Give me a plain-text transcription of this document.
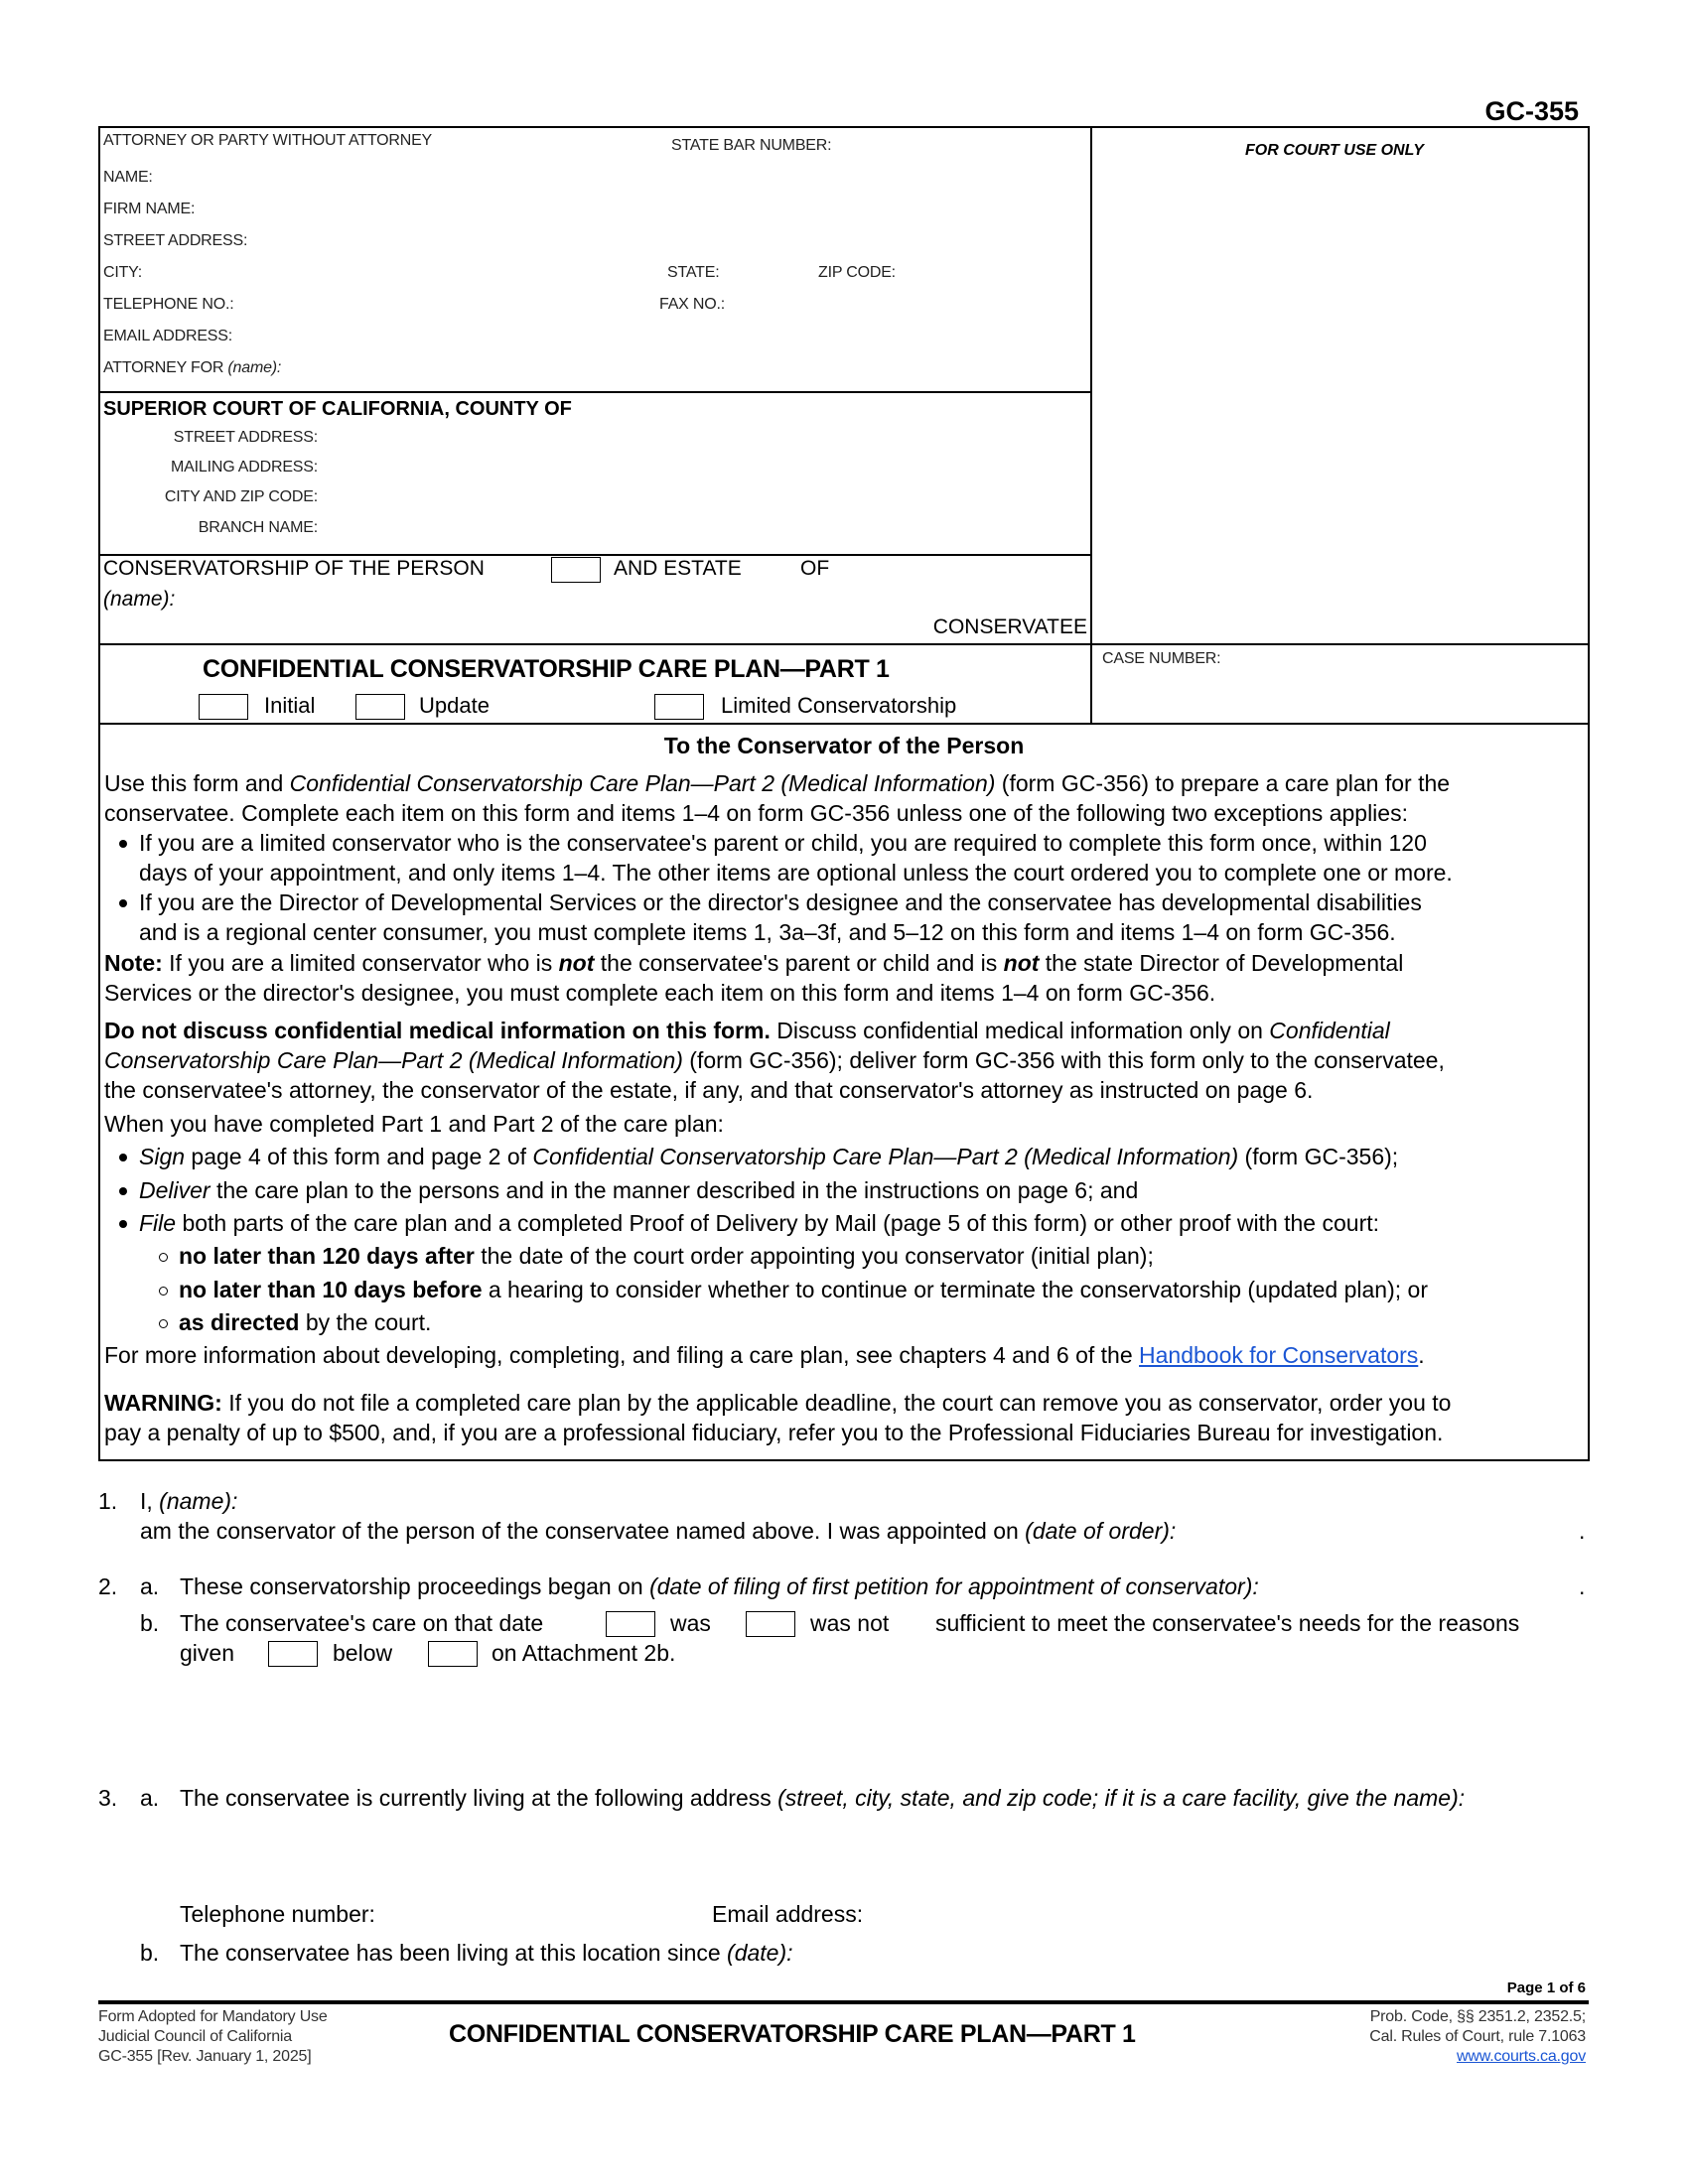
GC-355
ATTORNEY OR PARTY WITHOUT ATTORNEY	STATE BAR NUMBER:
NAME:
FIRM NAME:
STREET ADDRESS:
CITY:	STATE:	ZIP CODE:
TELEPHONE NO.:	FAX NO.:
EMAIL ADDRESS:
ATTORNEY FOR (name):
SUPERIOR COURT OF CALIFORNIA, COUNTY OF
STREET ADDRESS:
MAILING ADDRESS:
CITY AND ZIP CODE:
BRANCH NAME:
CONSERVATORSHIP OF THE PERSON	AND ESTATE	OF
(name):
CONSERVATEE
FOR COURT USE ONLY
CASE NUMBER:
CONFIDENTIAL CONSERVATORSHIP CARE PLAN—PART 1
Initial	Update	Limited Conservatorship
To the Conservator of the Person
Use this form and Confidential Conservatorship Care Plan—Part 2 (Medical Information) (form GC-356) to prepare a care plan for the
conservatee. Complete each item on this form and items 1–4 on form GC-356 unless one of the following two exceptions applies:
If you are a limited conservator who is the conservatee's parent or child, you are required to complete this form once, within 120
days of your appointment, and only items 1–4. The other items are optional unless the court ordered you to complete one or more.
If you are the Director of Developmental Services or the director's designee and the conservatee has developmental disabilities
and is a regional center consumer, you must complete items 1, 3a–3f, and 5–12 on this form and items 1–4 on form GC-356.
Note: If you are a limited conservator who is not the conservatee's parent or child and is not the state Director of Developmental
Services or the director's designee, you must complete each item on this form and items 1–4 on form GC-356.
Do not discuss confidential medical information on this form. Discuss confidential medical information only on Confidential
Conservatorship Care Plan—Part 2 (Medical Information) (form GC-356); deliver form GC-356 with this form only to the conservatee,
the conservatee's attorney, the conservator of the estate, if any, and that conservator's attorney as instructed on page 6.
When you have completed Part 1 and Part 2 of the care plan:
Sign page 4 of this form and page 2 of Confidential Conservatorship Care Plan—Part 2 (Medical Information) (form GC-356);
Deliver the care plan to the persons and in the manner described in the instructions on page 6; and
File both parts of the care plan and a completed Proof of Delivery by Mail (page 5 of this form) or other proof with the court:
no later than 120 days after the date of the court order appointing you conservator (initial plan);
no later than 10 days before a hearing to consider whether to continue or terminate the conservatorship (updated plan); or
as directed by the court.
For more information about developing, completing, and filing a care plan, see chapters 4 and 6 of the Handbook for Conservators.
WARNING: If you do not file a completed care plan by the applicable deadline, the court can remove you as conservator, order you to
pay a penalty of up to $500, and, if you are a professional fiduciary, refer you to the Professional Fiduciaries Bureau for investigation.
1. I, (name):
am the conservator of the person of the conservatee named above. I was appointed on (date of order):	.
2. a. These conservatorship proceedings began on (date of filing of first petition for appointment of conservator):	.
b. The conservatee's care on that date	was	was not sufficient to meet the conservatee's needs for the reasons
given	below	on Attachment 2b.
3. a. The conservatee is currently living at the following address (street, city, state, and zip code; if it is a care facility, give the name):
Telephone number:	Email address:
b. The conservatee has been living at this location since (date):
Page 1 of 6
Form Adopted for Mandatory Use
Judicial Council of California
GC-355 [Rev. January 1, 2025]
CONFIDENTIAL CONSERVATORSHIP CARE PLAN—PART 1
Prob. Code, §§ 2351.2, 2352.5;
Cal. Rules of Court, rule 7.1063
www.courts.ca.gov
